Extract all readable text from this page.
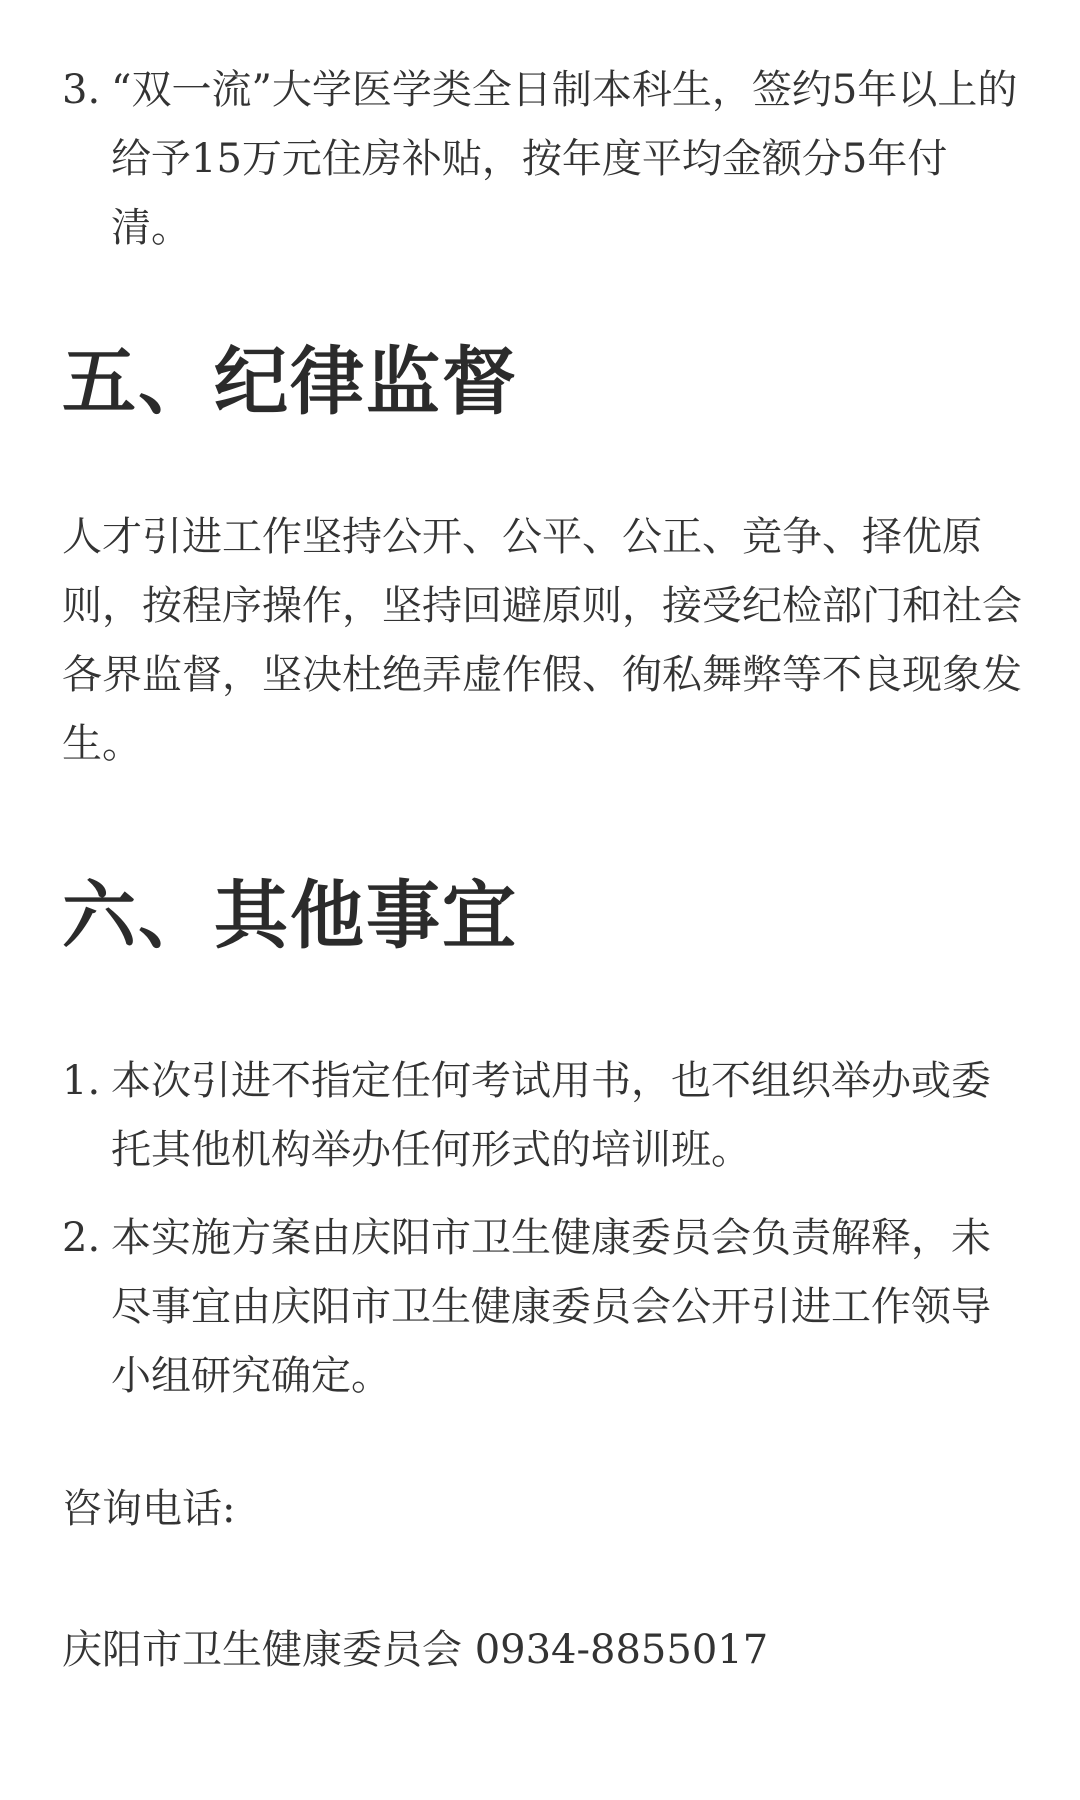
3. “双一流”大学医学类全日制本科生，签约5年以上的给予15万元住房补贴，按年度平均金额分5年付清。
五、纪律监督

人才引进工作坚持公开、公平、公正、竞争、择优原则，按程序操作，坚持回避原则，接受纪检部门和社会各界监督，坚决杜绝弄虚作假、徇私舞弊等不良现象发生。

六、其他事宜
1. 本次引进不指定任何考试用书，也不组织举办或委托其他机构举办任何形式的培训班。
2. 本实施方案由庆阳市卫生健康委员会负责解释，未尽事宜由庆阳市卫生健康委员会公开引进工作领导小组研究确定。

咨询电话:

庆阳市卫生健康委员会 0934-8855017
